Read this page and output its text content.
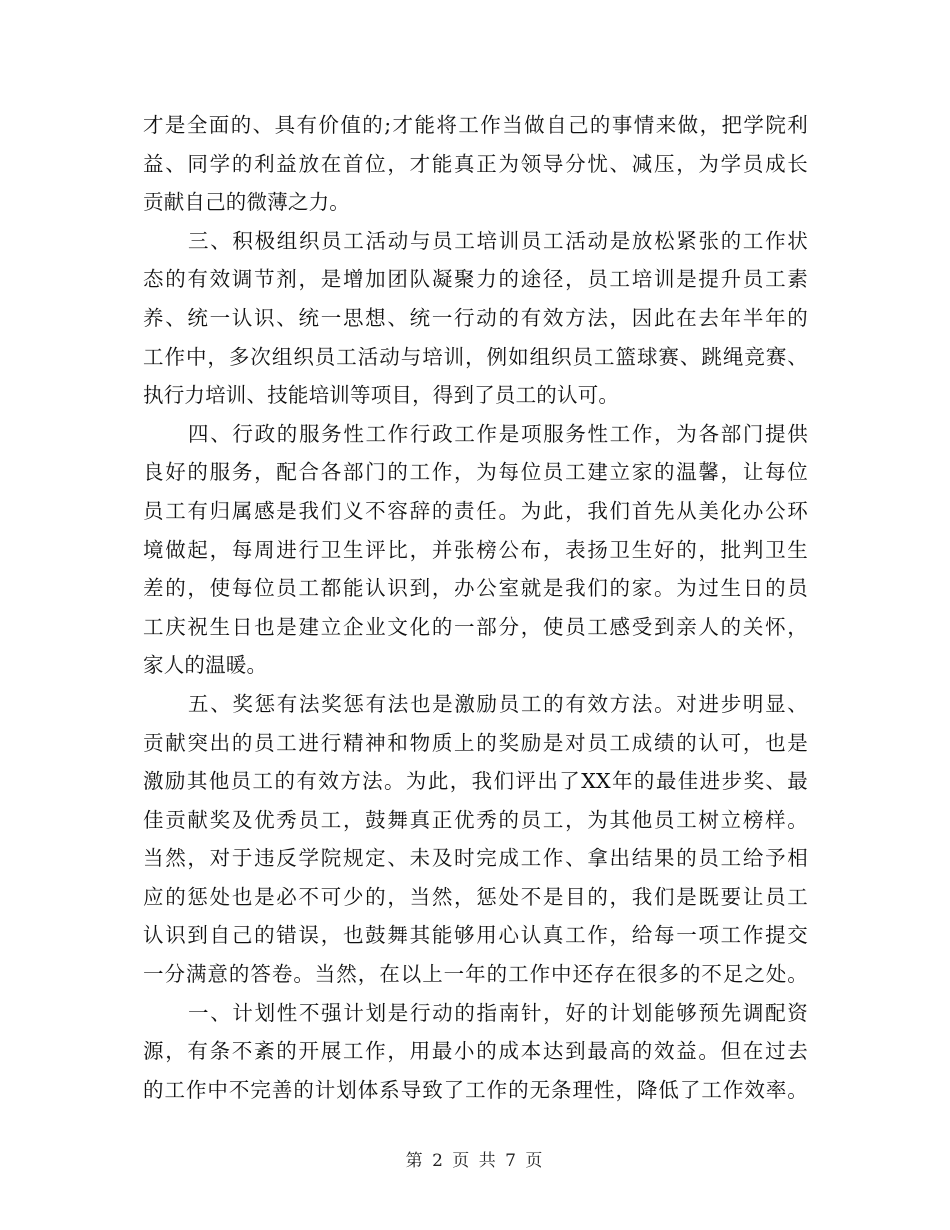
才是全面的、具有价值的;才能将工作当做自己的事情来做，把学院利
益、同学的利益放在首位，才能真正为领导分忧、减压，为学员成长
贡献自己的微薄之力。
三、积极组织员工活动与员工培训员工活动是放松紧张的工作状
态的有效调节剂，是增加团队凝聚力的途径，员工培训是提升员工素
养、统一认识、统一思想、统一行动的有效方法，因此在去年半年的
工作中，多次组织员工活动与培训，例如组织员工篮球赛、跳绳竞赛、
执行力培训、技能培训等项目，得到了员工的认可。
四、行政的服务性工作行政工作是项服务性工作，为各部门提供
良好的服务，配合各部门的工作，为每位员工建立家的温馨，让每位
员工有归属感是我们义不容辞的责任。为此，我们首先从美化办公环
境做起，每周进行卫生评比，并张榜公布，表扬卫生好的，批判卫生
差的，使每位员工都能认识到，办公室就是我们的家。为过生日的员
工庆祝生日也是建立企业文化的一部分，使员工感受到亲人的关怀，
家人的温暖。
五、奖惩有法奖惩有法也是激励员工的有效方法。对进步明显、
贡献突出的员工进行精神和物质上的奖励是对员工成绩的认可，也是
激励其他员工的有效方法。为此，我们评出了XX年的最佳进步奖、最
佳贡献奖及优秀员工，鼓舞真正优秀的员工，为其他员工树立榜样。
当然，对于违反学院规定、未及时完成工作、拿出结果的员工给予相
应的惩处也是必不可少的，当然，惩处不是目的，我们是既要让员工
认识到自己的错误，也鼓舞其能够用心认真工作，给每一项工作提交
一分满意的答卷。当然，在以上一年的工作中还存在很多的不足之处。
一、计划性不强计划是行动的指南针，好的计划能够预先调配资
源，有条不紊的开展工作，用最小的成本达到最高的效益。但在过去
的工作中不完善的计划体系导致了工作的无条理性，降低了工作效率。
第 2 页 共 7 页
